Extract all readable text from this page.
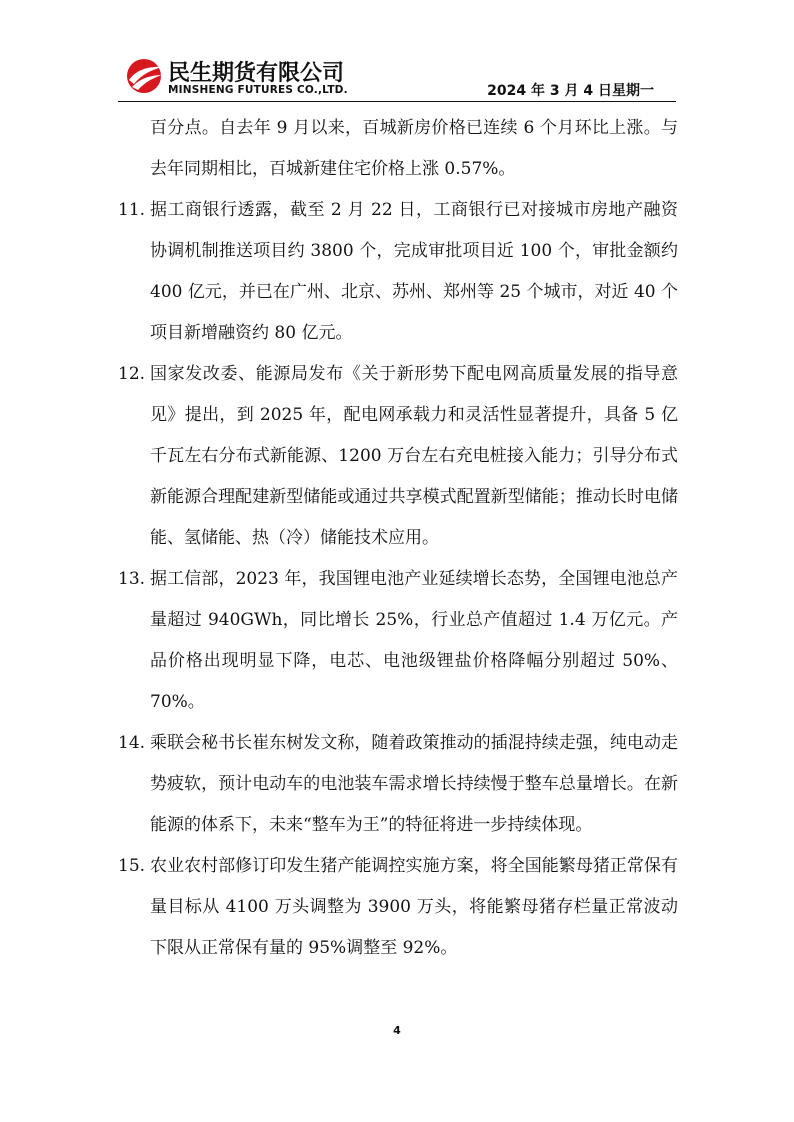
民生期货有限公司
MINSHENG FUTURES CO.,LTD.	2024 年 3 月 4 日星期一
百分点。自去年 9 月以来，百城新房价格已连续 6 个月环比上涨。与去年同期相比，百城新建住宅价格上涨 0.57%。
11. 据工商银行透露，截至 2 月 22 日，工商银行已对接城市房地产融资协调机制推送项目约 3800 个，完成审批项目近 100 个，审批金额约 400 亿元，并已在广州、北京、苏州、郑州等 25 个城市，对近 40 个项目新增融资约 80 亿元。
12. 国家发改委、能源局发布《关于新形势下配电网高质量发展的指导意见》提出，到 2025 年，配电网承载力和灵活性显著提升，具备 5 亿千瓦左右分布式新能源、1200 万台左右充电桩接入能力；引导分布式新能源合理配建新型储能或通过共享模式配置新型储能；推动长时电储能、氢储能、热（冷）储能技术应用。
13. 据工信部，2023 年，我国锂电池产业延续增长态势，全国锂电池总产量超过 940GWh，同比增长 25%，行业总产值超过 1.4 万亿元。产品价格出现明显下降，电芯、电池级锂盐价格降幅分别超过 50%、70%。
14. 乘联会秘书长崔东树发文称，随着政策推动的插混持续走强，纯电动走势疲软，预计电动车的电池装车需求增长持续慢于整车总量增长。在新能源的体系下，未来“整车为王”的特征将进一步持续体现。
15. 农业农村部修订印发生猪产能调控实施方案，将全国能繁母猪正常保有量目标从 4100 万头调整为 3900 万头，将能繁母猪存栏量正常波动下限从正常保有量的 95%调整至 92%。
4
